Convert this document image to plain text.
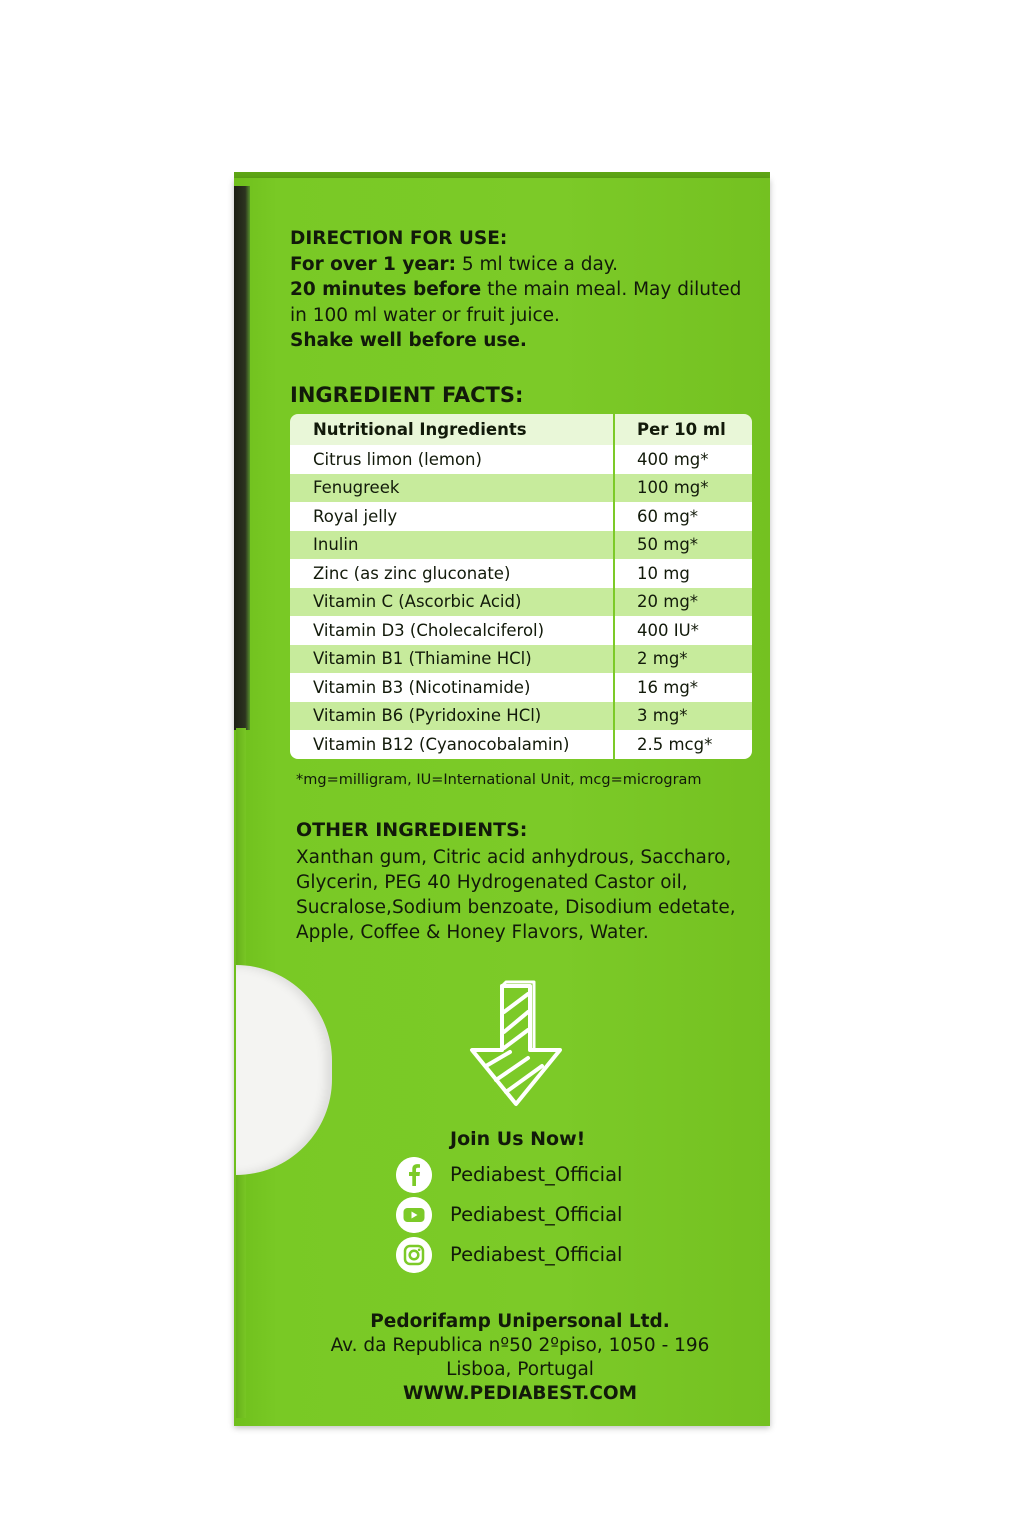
DIRECTION FOR USE:
For over 1 year: 5 ml twice a day.
20 minutes before the main meal. May diluted
in 100 ml water or fruit juice.
Shake well before use.
INGREDIENT FACTS:
Nutritional Ingredients	Per 10 ml
Citrus limon (lemon)	400 mg*
Fenugreek	100 mg*
Royal jelly	60 mg*
Inulin	50 mg*
Zinc (as zinc gluconate)	10 mg
Vitamin C (Ascorbic Acid)	20 mg*
Vitamin D3 (Cholecalciferol)	400 IU*
Vitamin B1 (Thiamine HCl)	2 mg*
Vitamin B3 (Nicotinamide)	16 mg*
Vitamin B6 (Pyridoxine HCl)	3 mg*
Vitamin B12 (Cyanocobalamin)	2.5 mcg*
*mg=milligram, IU=International Unit, mcg=microgram
OTHER INGREDIENTS:
Xanthan gum, Citric acid anhydrous, Saccharo,
Glycerin, PEG 40 Hydrogenated Castor oil,
Sucralose,Sodium benzoate, Disodium edetate,
Apple, Coffee & Honey Flavors, Water.
Join Us Now!
Pediabest_Official
Pediabest_Official
Pediabest_Official
Pedorifamp Unipersonal Ltd.
Av. da Republica nº50 2ºpiso, 1050 - 196
Lisboa, Portugal
WWW.PEDIABEST.COM
